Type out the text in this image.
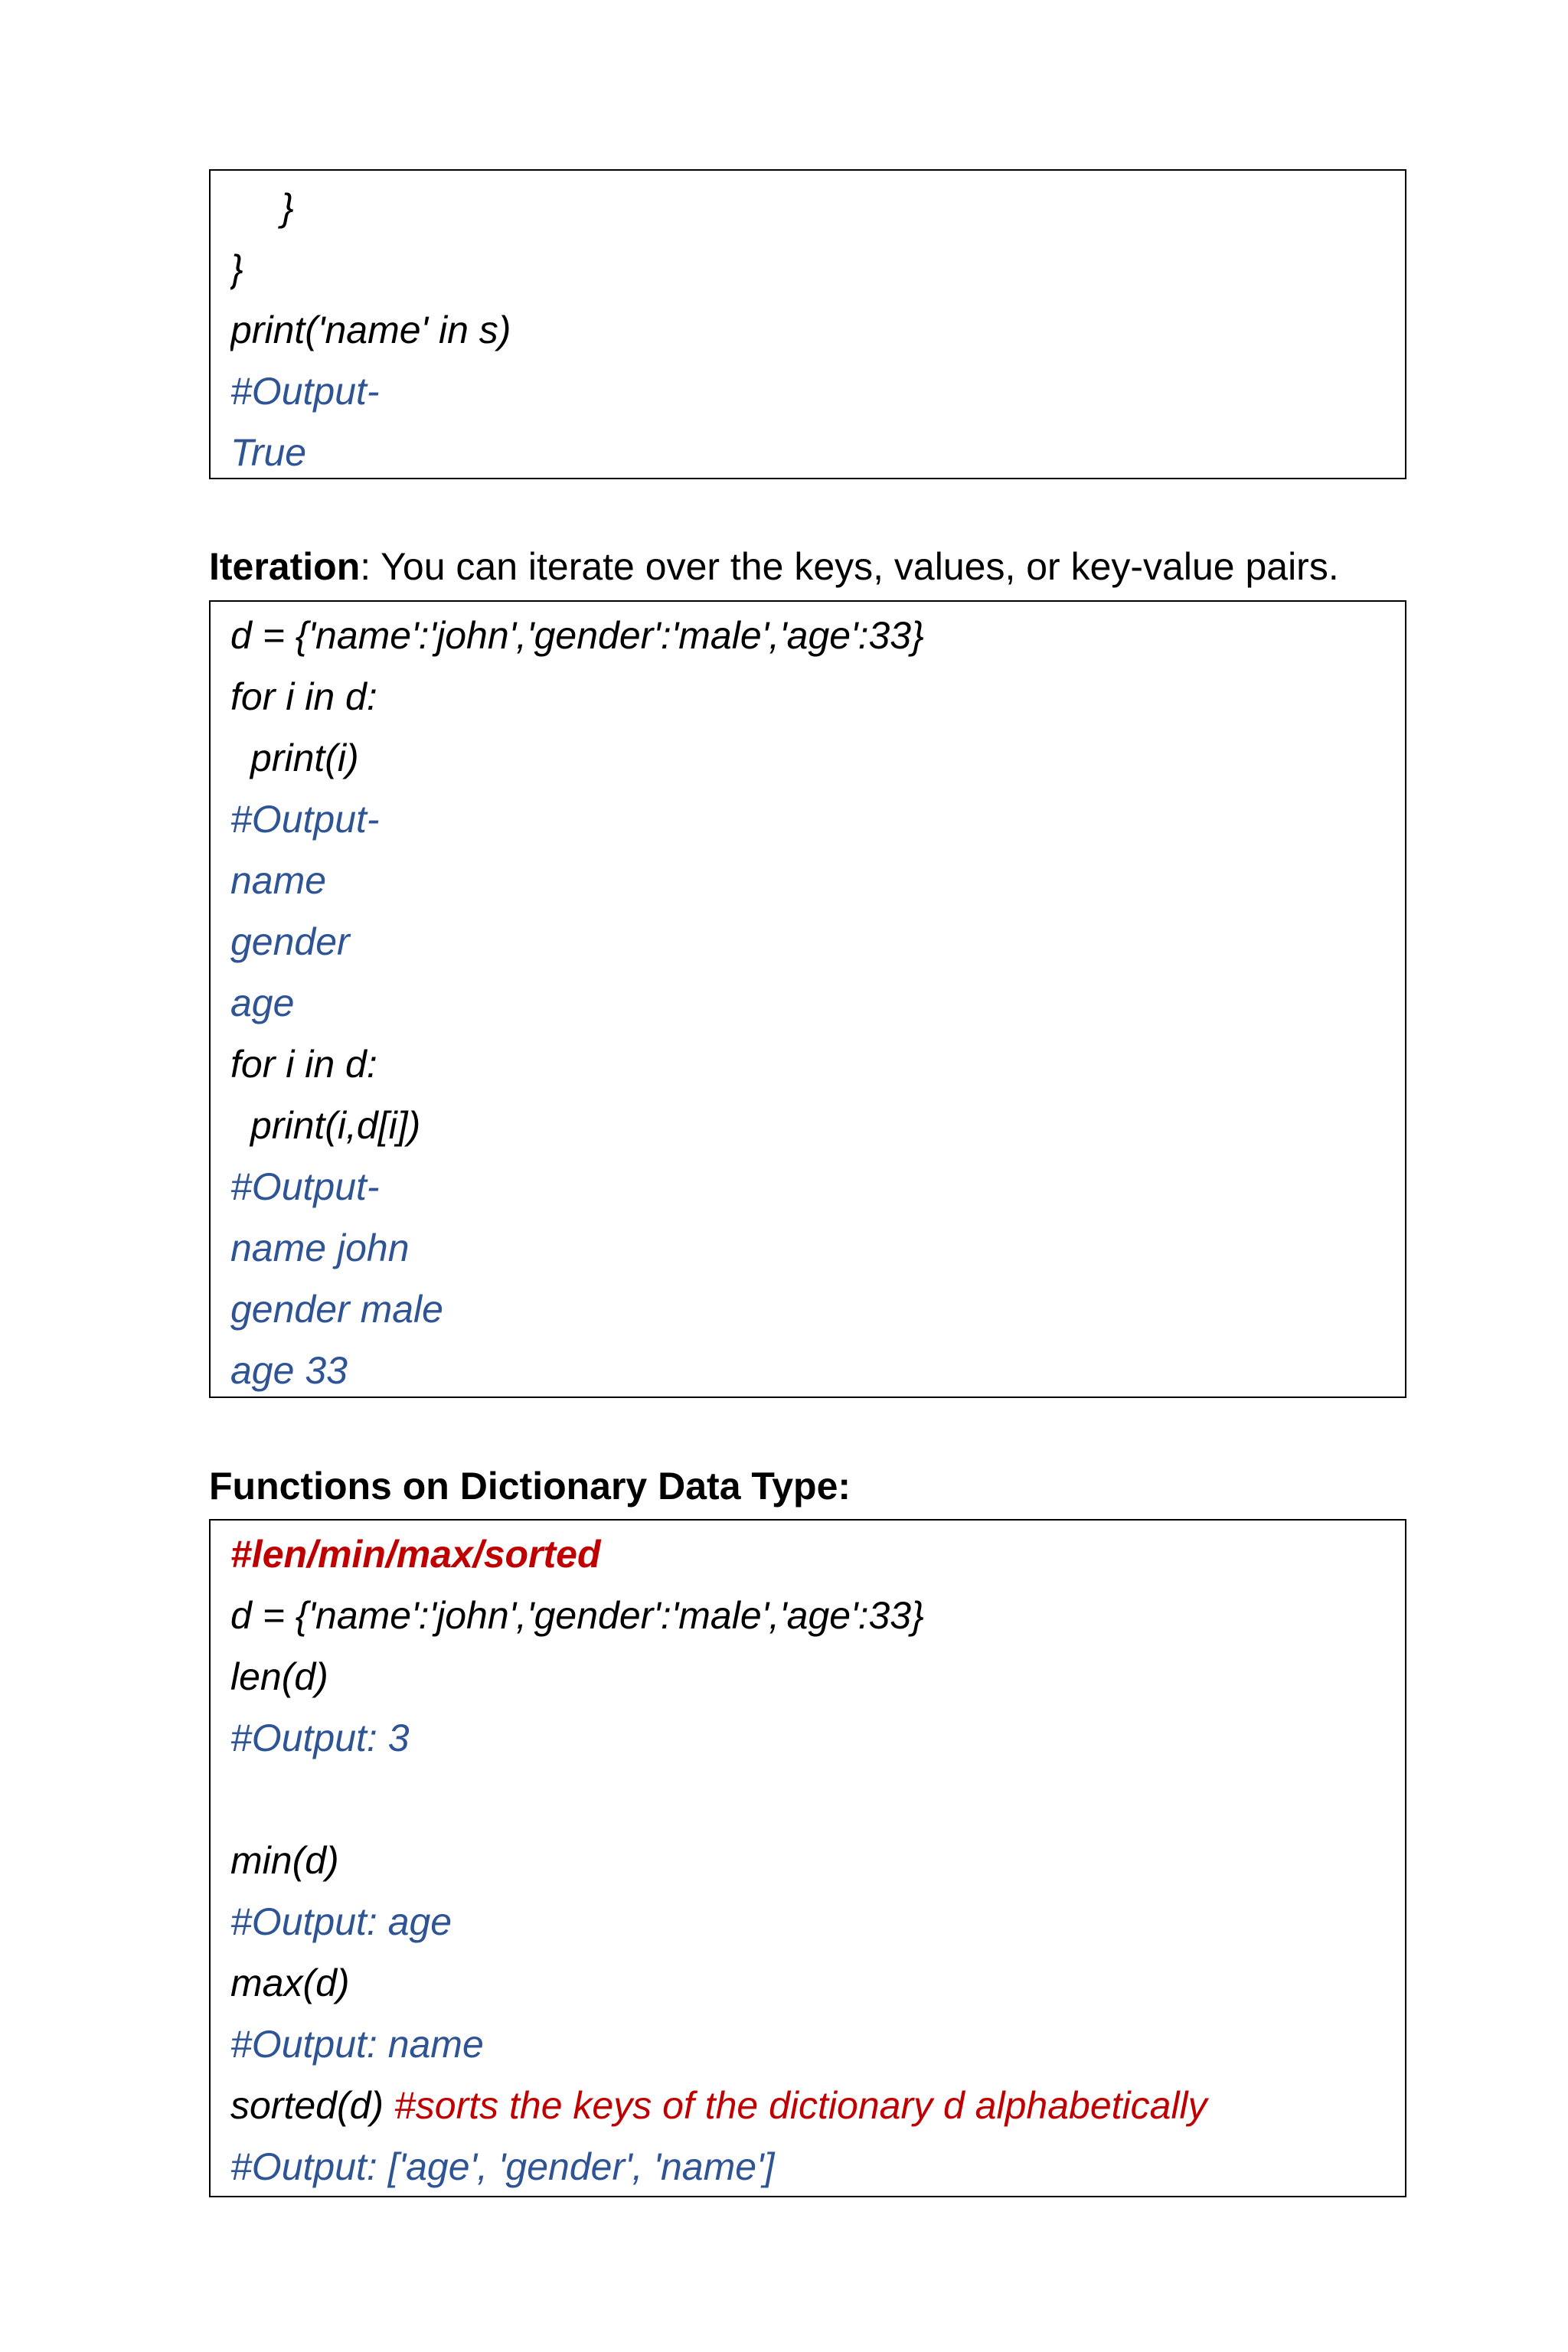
}
}
print('name' in s)
#Output-
True
Iteration: You can iterate over the keys, values, or key-value pairs.
d = {'name':'john','gender':'male','age':33}
for i in d:
print(i)
#Output-
name
gender
age
for i in d:
print(i,d[i])
#Output-
name john
gender male
age 33
Functions on Dictionary Data Type:
#len/min/max/sorted
d = {'name':'john','gender':'male','age':33}
len(d)
#Output: 3
min(d)
#Output: age
max(d)
#Output: name
sorted(d) #sorts the keys of the dictionary d alphabetically
#Output: ['age', 'gender', 'name']
